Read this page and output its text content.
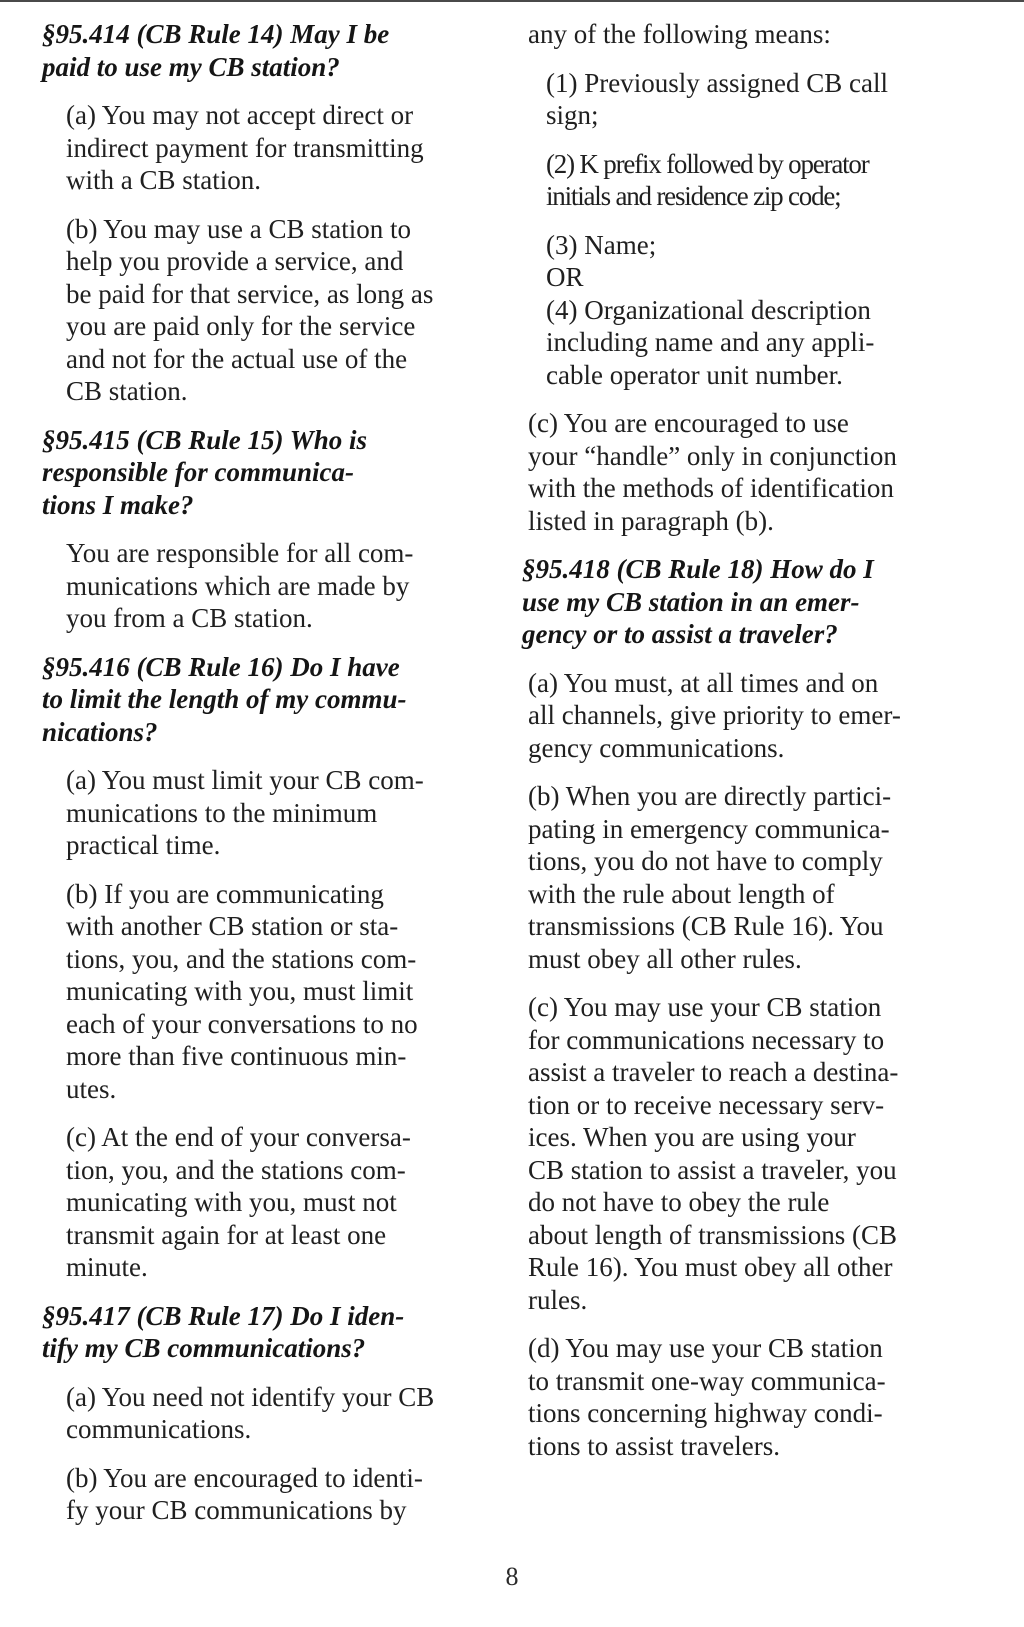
§95.414 (CB Rule 14) May I be
paid to use my CB station?
(a) You may not accept direct or
indirect payment for transmitting
with a CB station.
(b) You may use a CB station to
help you provide a service, and
be paid for that service, as long as
you are paid only for the service
and not for the actual use of the
CB station.
§95.415 (CB Rule 15) Who is
responsible for communica-
tions I make?
You are responsible for all com-
munications which are made by
you from a CB station.
§95.416 (CB Rule 16) Do I have
to limit the length of my commu-
nications?
(a) You must limit your CB com-
munications to the minimum
practical time.
(b) If you are communicating
with another CB station or sta-
tions, you, and the stations com-
municating with you, must limit
each of your conversations to no
more than five continuous min-
utes.
(c) At the end of your conversa-
tion, you, and the stations com-
municating with you, must not
transmit again for at least one
minute.
§95.417 (CB Rule 17) Do I iden-
tify my CB communications?
(a) You need not identify your CB
communications.
(b) You are encouraged to identi-
fy your CB communications by
any of the following means:
(1) Previously assigned CB call
sign;
(2) K prefix followed by operator
initials and residence zip code;
(3) Name;
OR
(4) Organizational description
including name and any appli-
cable operator unit number.
(c) You are encouraged to use
your “handle” only in conjunction
with the methods of identification
listed in paragraph (b).
§95.418 (CB Rule 18) How do I
use my CB station in an emer-
gency or to assist a traveler?
(a) You must, at all times and on
all channels, give priority to emer-
gency communications.
(b) When you are directly partici-
pating in emergency communica-
tions, you do not have to comply
with the rule about length of
transmissions (CB Rule 16). You
must obey all other rules.
(c) You may use your CB station
for communications necessary to
assist a traveler to reach a destina-
tion or to receive necessary serv-
ices. When you are using your
CB station to assist a traveler, you
do not have to obey the rule
about length of transmissions (CB
Rule 16). You must obey all other
rules.
(d) You may use your CB station
to transmit one-way communica-
tions concerning highway condi-
tions to assist travelers.
8
